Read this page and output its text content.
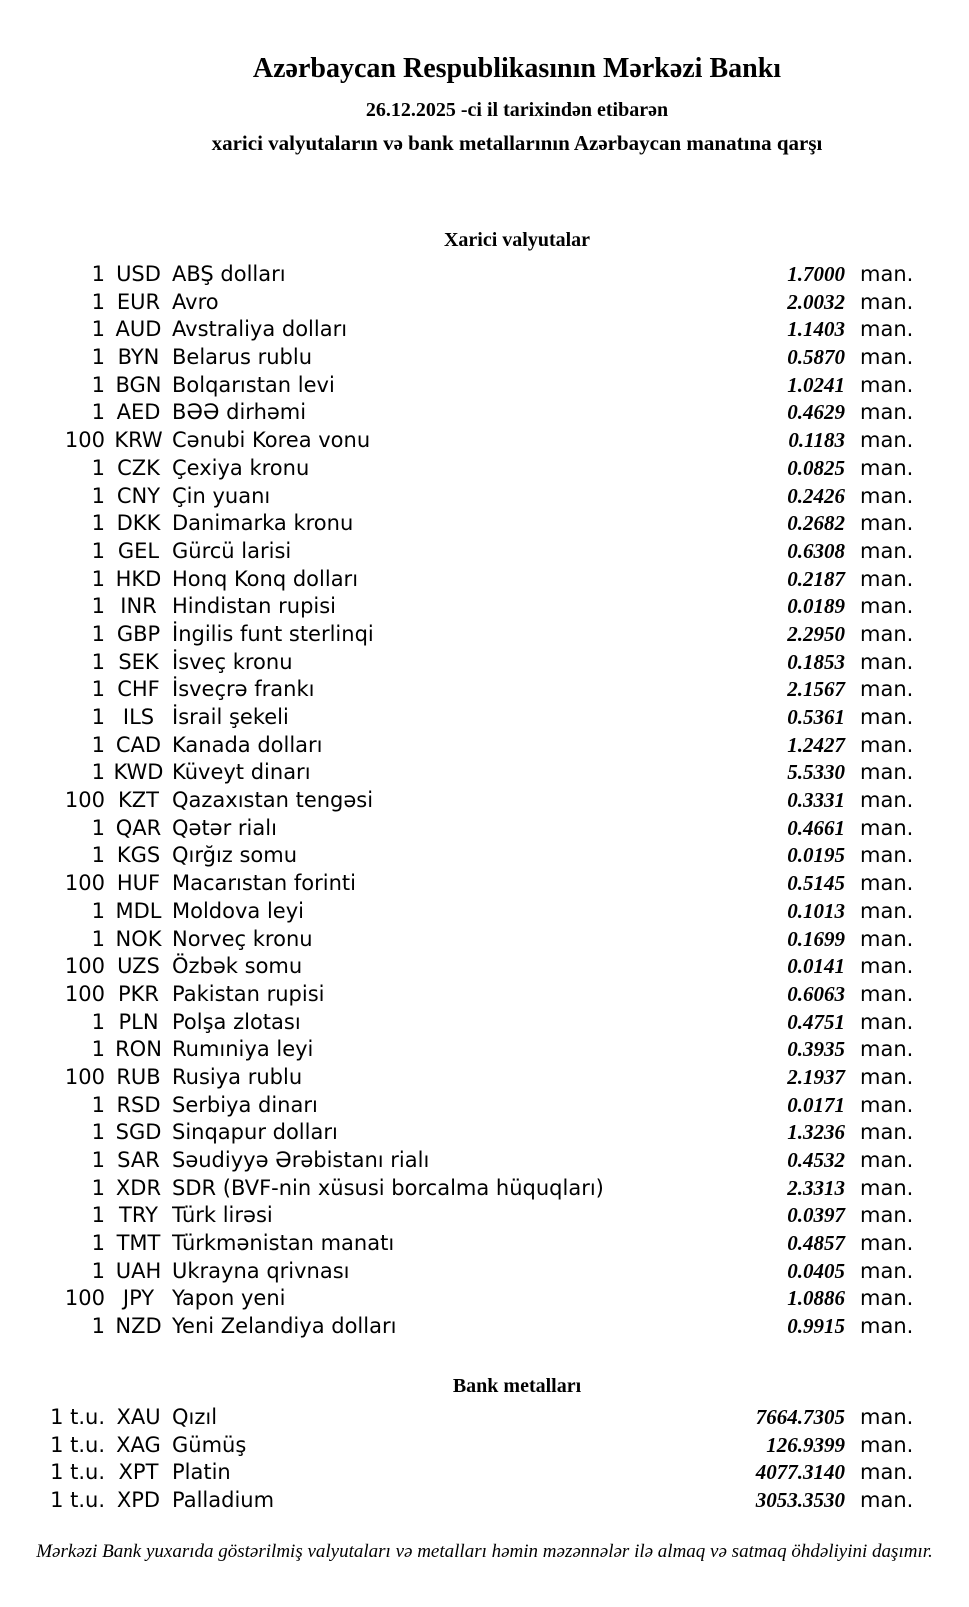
Azərbaycan Respublikasının Mərkəzi Bankı
26.12.2025 -ci il tarixindən etibarən
xarici valyutaların və bank metallarının Azərbaycan manatına qarşı
Xarici valyutalar
1 USD ABŞ dolları	1.7000 man.
1 EUR Avro	2.0032 man.
1 AUD Avstraliya dolları	1.1403 man.
1 BYN Belarus rublu	0.5870 man.
1 BGN Bolqarıstan levi	1.0241 man.
1 AED BƏƏ dirhəmi	0.4629 man.
100 KRW Cənubi Korea vonu	0.1183 man.
1 CZK Çexiya kronu	0.0825 man.
1 CNY Çin yuanı	0.2426 man.
1 DKK Danimarka kronu	0.2682 man.
1 GEL Gürcü larisi	0.6308 man.
1 HKD Honq Konq dolları	0.2187 man.
1 INR Hindistan rupisi	0.0189 man.
1 GBP İngilis funt sterlinqi	2.2950 man.
1 SEK İsveç kronu	0.1853 man.
1 CHF İsveçrə frankı	2.1567 man.
1 ILS İsrail şekeli	0.5361 man.
1 CAD Kanada dolları	1.2427 man.
1 KWD Küveyt dinarı	5.5330 man.
100 KZT Qazaxıstan tengəsi	0.3331 man.
1 QAR Qətər rialı	0.4661 man.
1 KGS Qırğız somu	0.0195 man.
100 HUF Macarıstan forinti	0.5145 man.
1 MDL Moldova leyi	0.1013 man.
1 NOK Norveç kronu	0.1699 man.
100 UZS Özbək somu	0.0141 man.
100 PKR Pakistan rupisi	0.6063 man.
1 PLN Polşa zlotası	0.4751 man.
1 RON Rumıniya leyi	0.3935 man.
100 RUB Rusiya rublu	2.1937 man.
1 RSD Serbiya dinarı	0.0171 man.
1 SGD Sinqapur dolları	1.3236 man.
1 SAR Səudiyyə Ərəbistanı rialı	0.4532 man.
1 XDR SDR (BVF-nin xüsusi borcalma hüquqları)	2.3313 man.
1 TRY Türk lirəsi	0.0397 man.
1 TMT Türkmənistan manatı	0.4857 man.
1 UAH Ukrayna qrivnası	0.0405 man.
100 JPY Yapon yeni	1.0886 man.
1 NZD Yeni Zelandiya dolları	0.9915 man.
Bank metalları
1 t.u. XAU Qızıl	7664.7305 man.
1 t.u. XAG Gümüş	126.9399 man.
1 t.u. XPT Platin	4077.3140 man.
1 t.u. XPD Palladium	3053.3530 man.
Mərkəzi Bank yuxarıda göstərilmiş valyutaları və metalları həmin məzənnələr ilə almaq və satmaq öhdəliyini daşımır.
